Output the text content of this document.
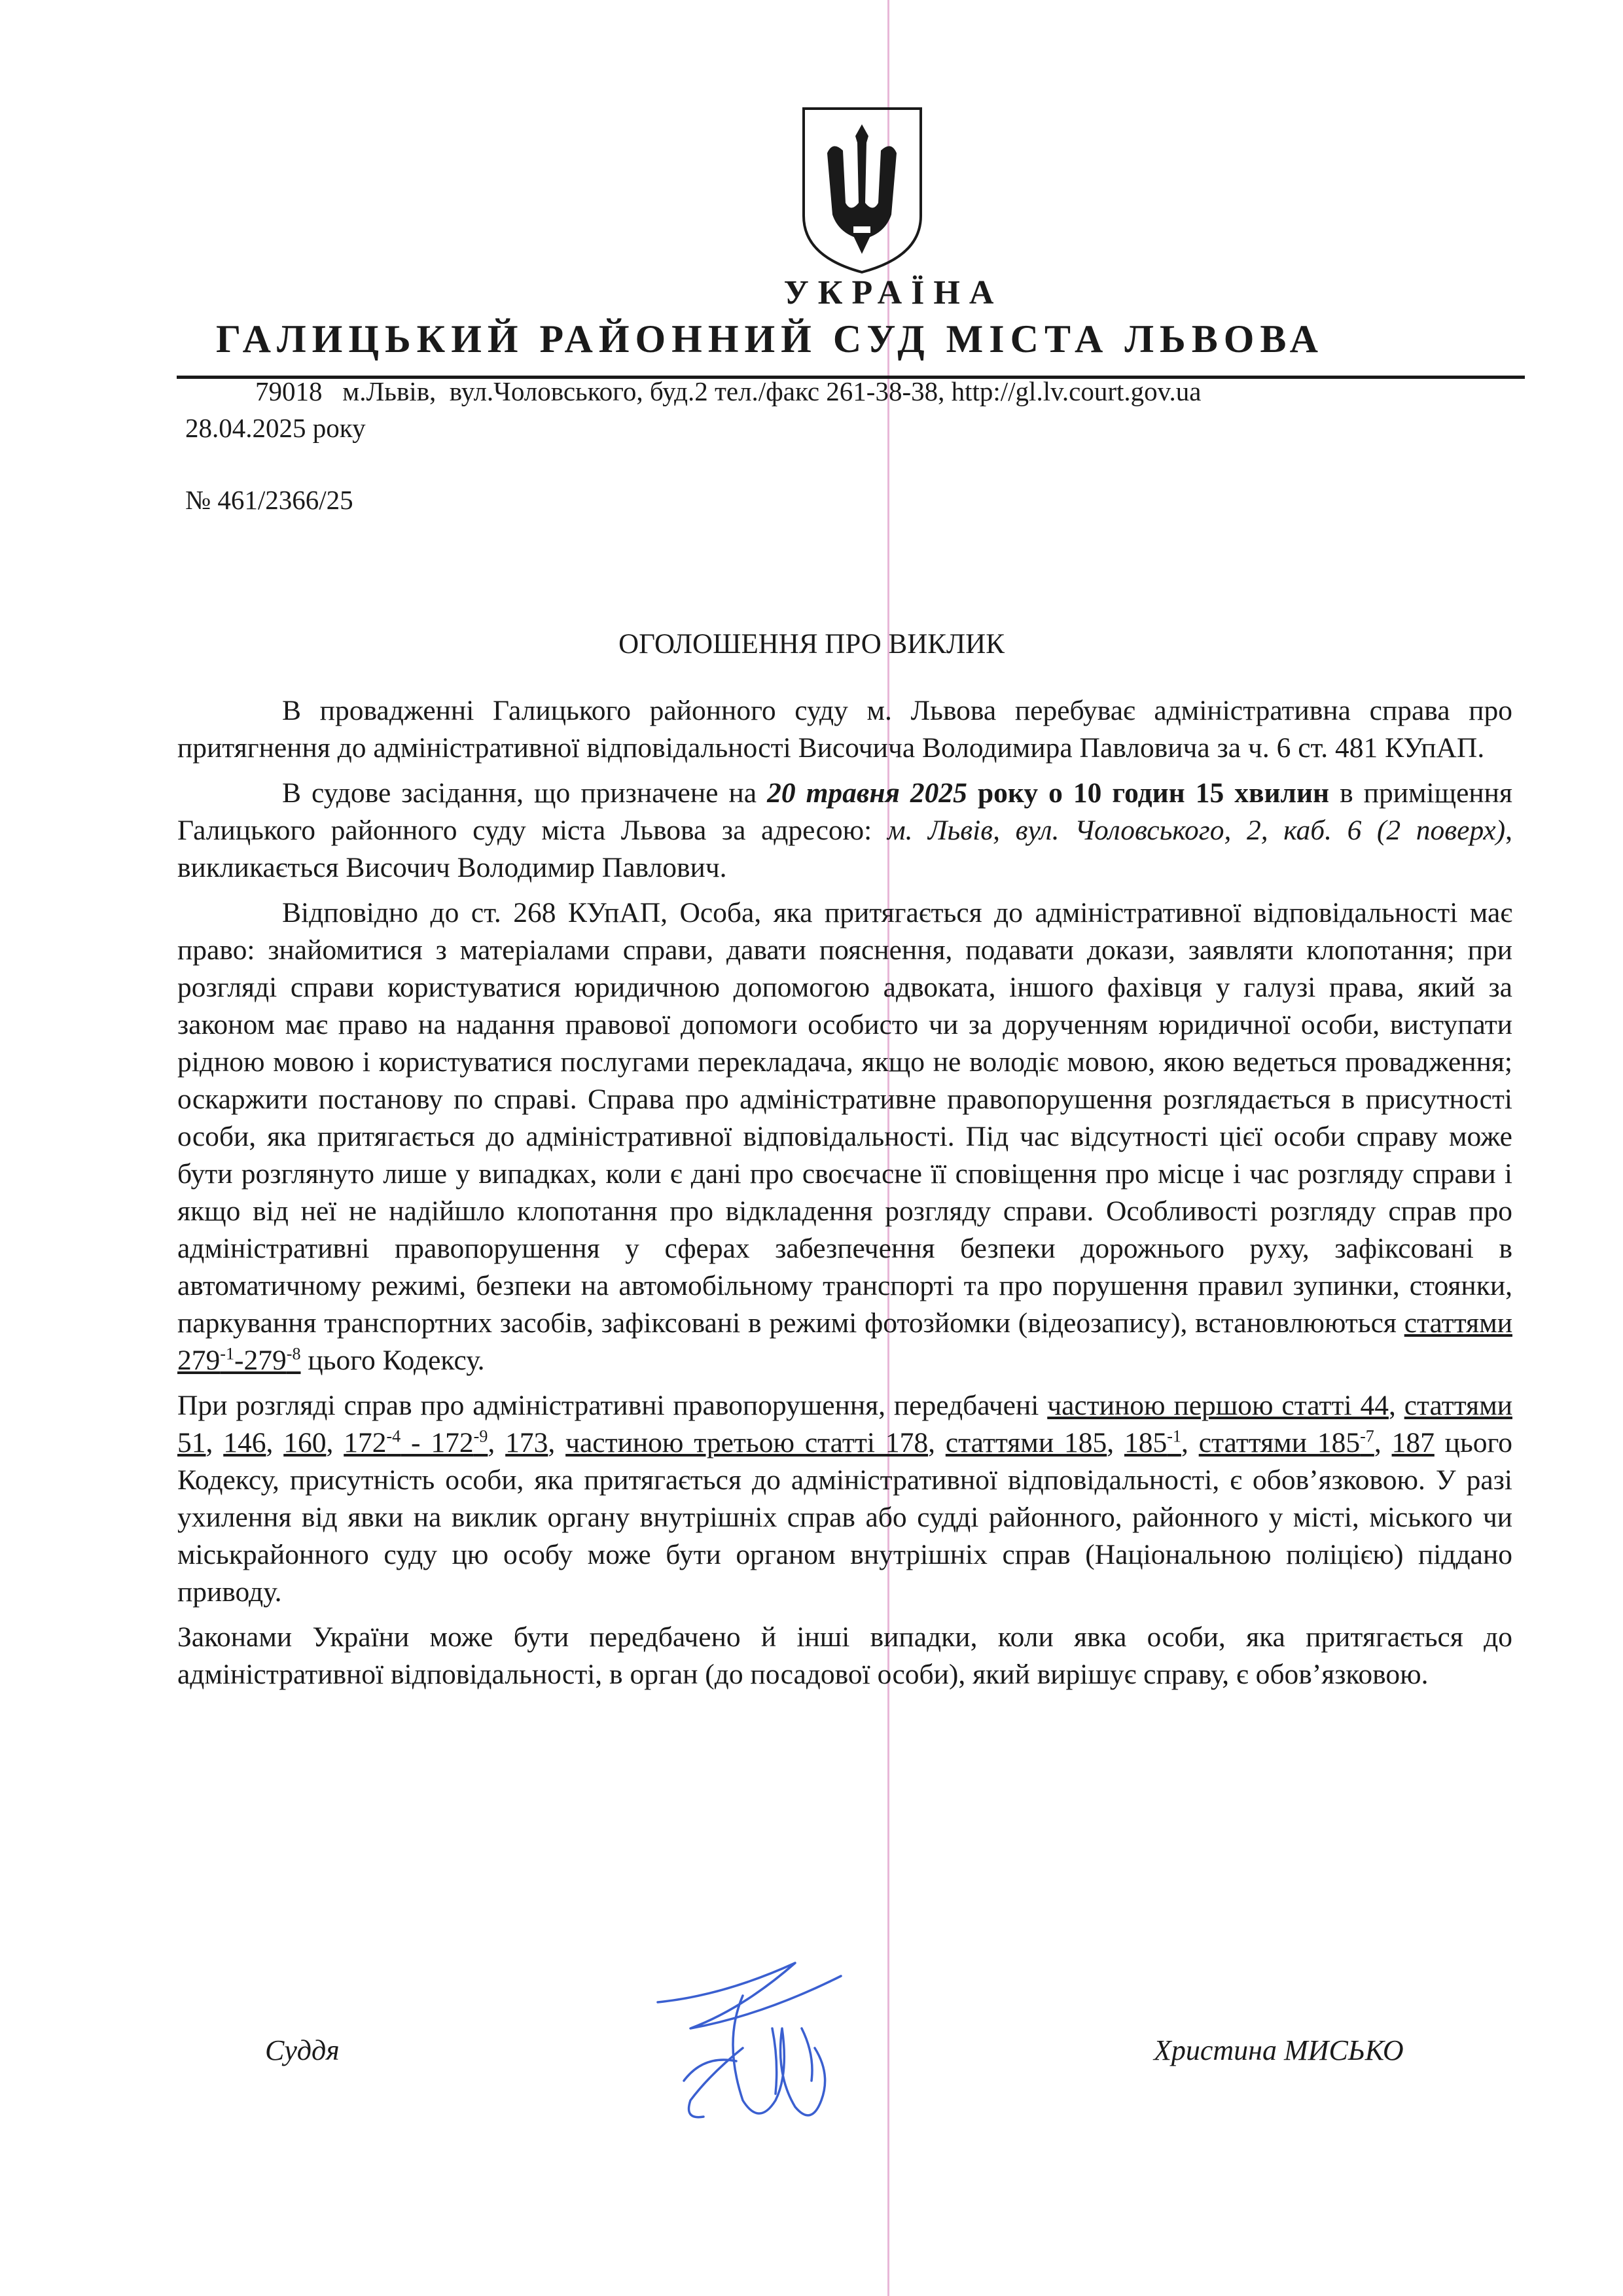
УКРАЇНА
ГАЛИЦЬКИЙ РАЙОННИЙ СУД МІСТА ЛЬВОВА
79018   м.Львів,  вул.Чоловського, буд.2 тел./факс 261-38-38, http://gl.lv.court.gov.ua
28.04.2025 року
№ 461/2366/25
ОГОЛОШЕННЯ ПРО ВИКЛИК

В провадженні Галицького районного суду м. Львова перебуває адміністративна справа про притягнення до адміністративної відповідальності Височича Володимира Павловича за ч. 6 ст. 481 КУпАП.

В судове засідання, що призначене на 20 травня 2025 року о 10 годин 15 хвилин в приміщення Галицького районного суду міста Львова за адресою: м. Львів, вул. Чоловського, 2, каб. 6 (2 поверх), викликається Височич Володимир Павлович.

Відповідно до ст. 268 КУпАП, Особа, яка притягається до адміністративної відповідальності має право: знайомитися з матеріалами справи, давати пояснення, подавати докази, заявляти клопотання; при розгляді справи користуватися юридичною допомогою адвоката, іншого фахівця у галузі права, який за законом має право на надання правової допомоги особисто чи за дорученням юридичної особи, виступати рідною мовою і користуватися послугами перекладача, якщо не володіє мовою, якою ведеться провадження; оскаржити постанову по справі. Справа про адміністративне правопорушення розглядається в присутності особи, яка притягається до адміністративної відповідальності. Під час відсутності цієї особи справу може бути розглянуто лише у випадках, коли є дані про своєчасне її сповіщення про місце і час розгляду справи і якщо від неї не надійшло клопотання про відкладення розгляду справи. Особливості розгляду справ про адміністративні правопорушення у сферах забезпечення безпеки дорожнього руху, зафіксовані в автоматичному режимі, безпеки на автомобільному транспорті та про порушення правил зупинки, стоянки, паркування транспортних засобів, зафіксовані в режимі фотозйомки (відеозапису), встановлюються статтями $279^{-1}-279^{-8}$ цього Кодексу.

При розгляді справ про адміністративні правопорушення, передбачені частиною першою статті 44, статтями 51, 146, 160, $172^{-4} - 172^{-9}$, 173, частиною третьою статті 178, статтями 185, $185^{-1}$, статтями $185^{-7}$, 187 цього Кодексу, присутність особи, яка притягається до адміністративної відповідальності, є обов’язковою. У разі ухилення від явки на виклик органу внутрішніх справ або судді районного, районного у місті, міського чи міськрайонного суду цю особу може бути органом внутрішніх справ (Національною поліцією) піддано приводу.

Законами України може бути передбачено й інші випадки, коли явка особи, яка притягається до адміністративної відповідальності, в орган (до посадової особи), який вирішує справу, є обов’язковою.

Суддя	Христина МИСЬКО
